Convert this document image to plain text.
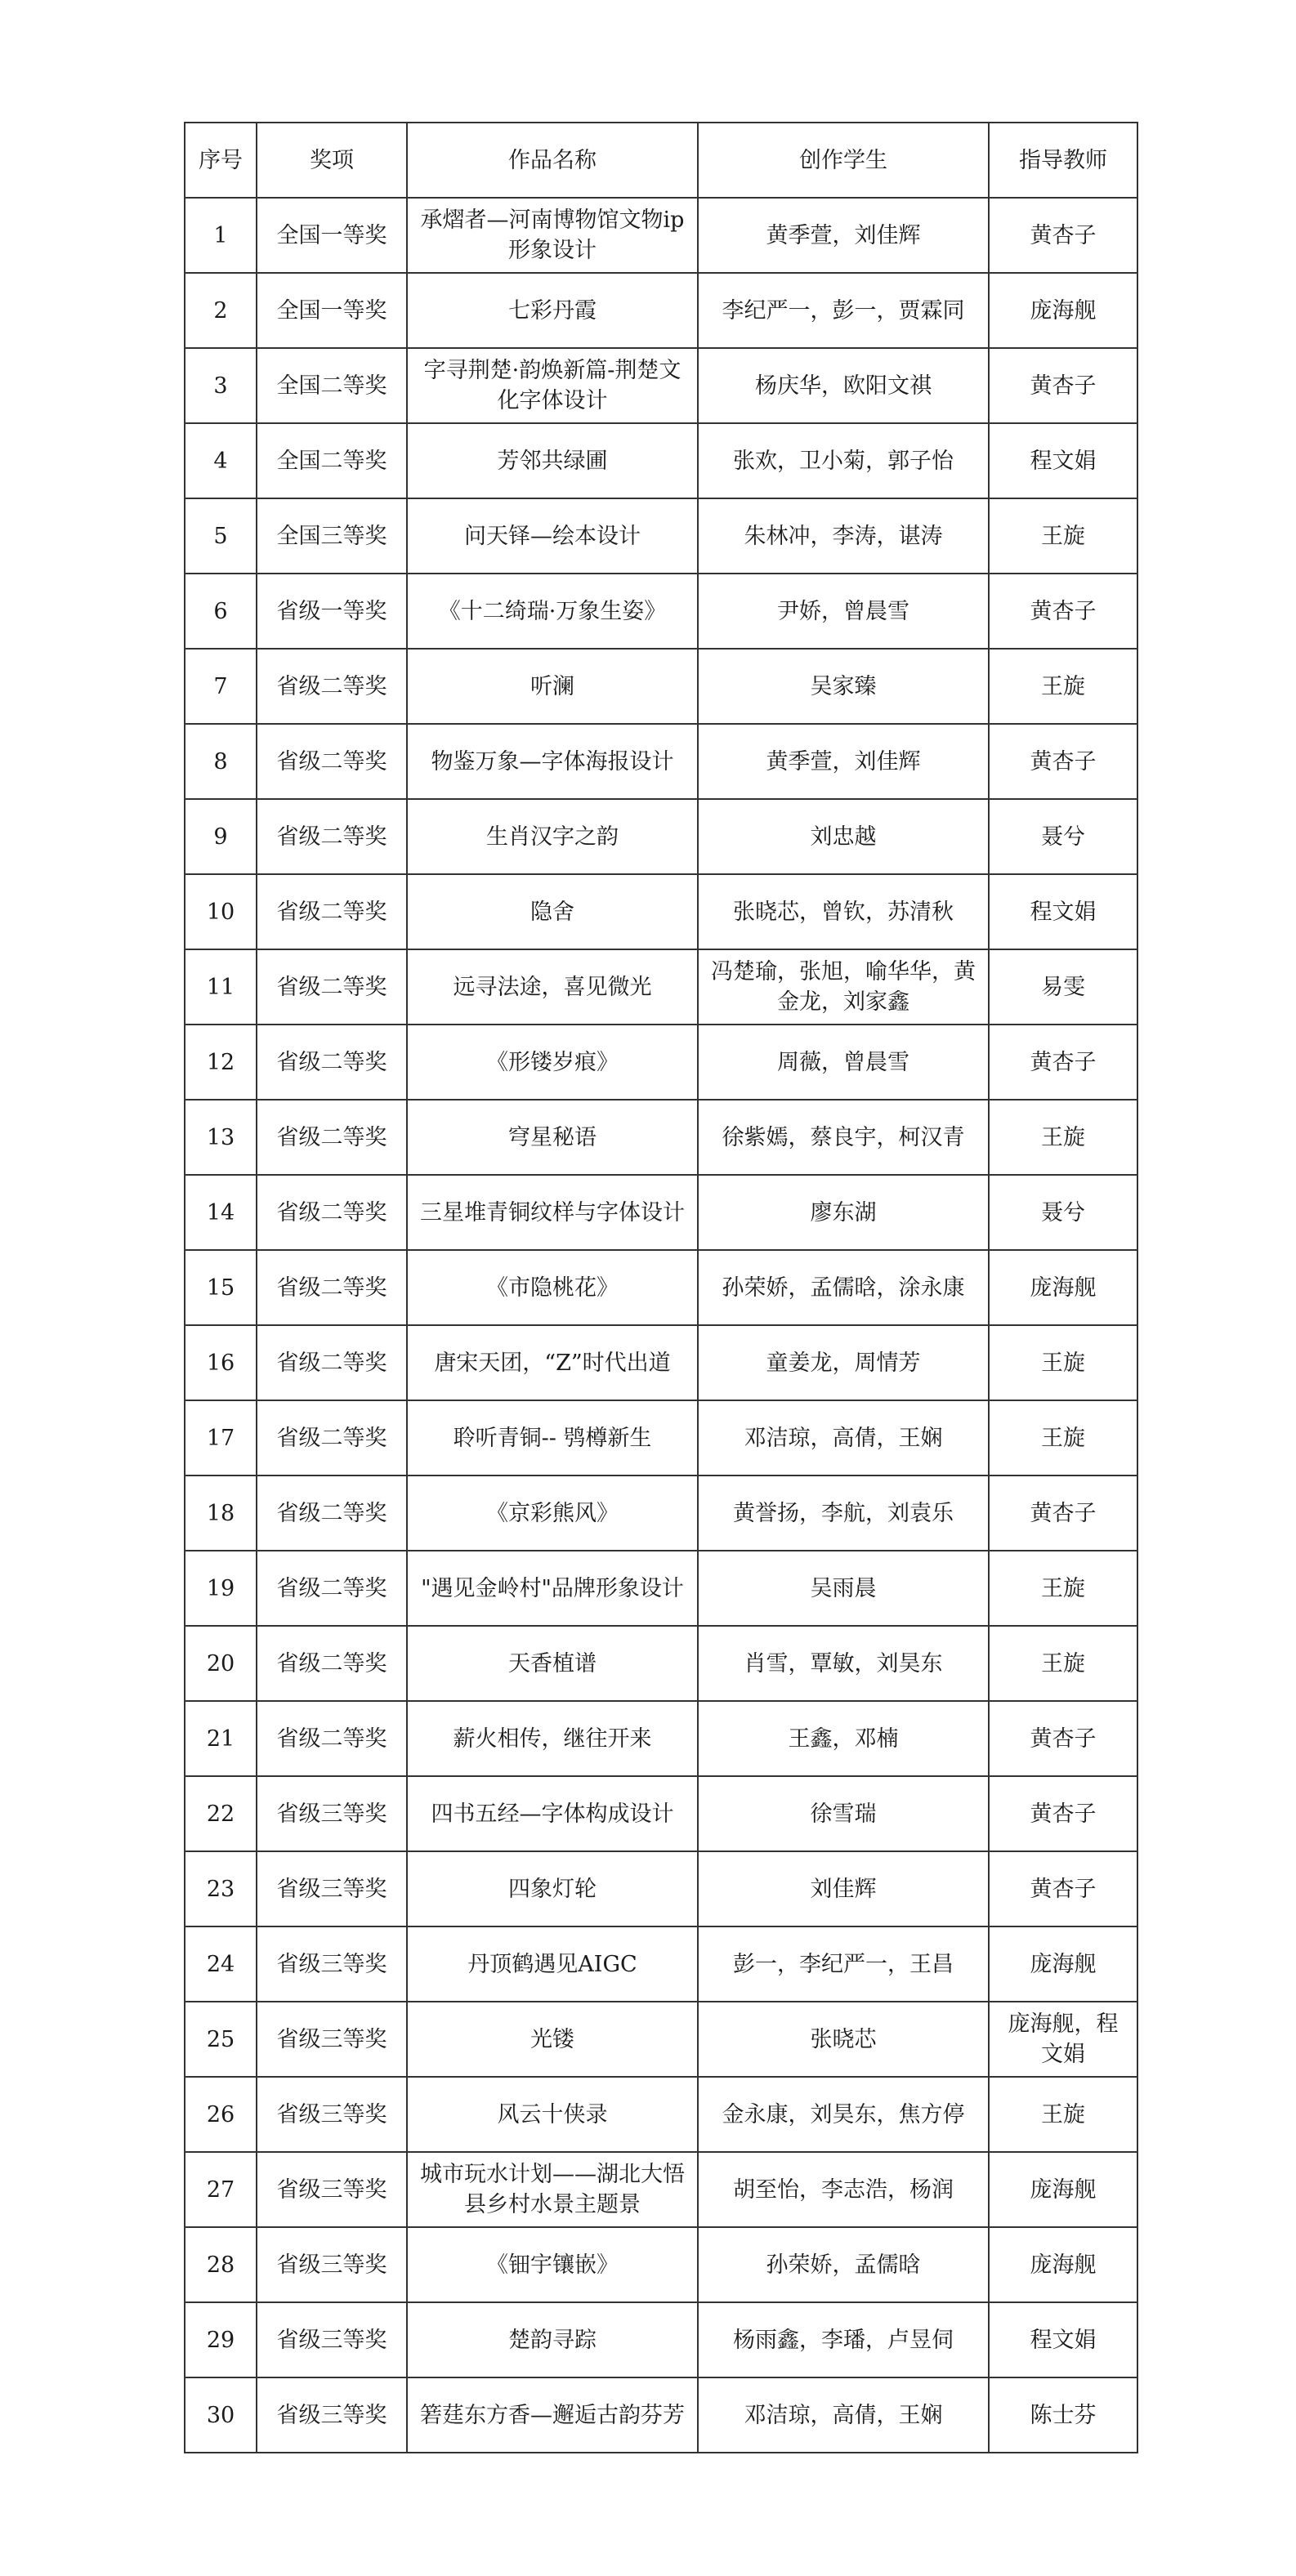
序号	奖项	作品名称	创作学生	指导教师
1	全国一等奖	承熠者—河南博物馆文物ip形象设计	黄季萱，刘佳辉	黄杏子
2	全国一等奖	七彩丹霞	李纪严一，彭一，贾霖同	庞海舰
3	全国二等奖	字寻荆楚·韵焕新篇-荆楚文化字体设计	杨庆华，欧阳文祺	黄杏子
4	全国二等奖	芳邻共绿圃	张欢，卫小菊，郭子怡	程文娟
5	全国三等奖	问天铎—绘本设计	朱林冲，李涛，谌涛	王旋
6	省级一等奖	《十二绮瑞·万象生姿》	尹娇，曾晨雪	黄杏子
7	省级二等奖	听澜	吴家臻	王旋
8	省级二等奖	物鉴万象—字体海报设计	黄季萱，刘佳辉	黄杏子
9	省级二等奖	生肖汉字之韵	刘忠越	聂兮
10	省级二等奖	隐舍	张晓芯，曾钦，苏清秋	程文娟
11	省级二等奖	远寻法途，喜见微光	冯楚瑜，张旭，喻华华，黄金龙，刘家鑫	易雯
12	省级二等奖	《形镂岁痕》	周薇，曾晨雪	黄杏子
13	省级二等奖	穹星秘语	徐紫嫣，蔡良宇，柯汉青	王旋
14	省级二等奖	三星堆青铜纹样与字体设计	廖东湖	聂兮
15	省级二等奖	《市隐桃花》	孙荣娇，孟儒晗，涂永康	庞海舰
16	省级二等奖	唐宋天团，“Z”时代出道	童姜龙，周情芳	王旋
17	省级二等奖	聆听青铜-- 鸮樽新生	邓洁琼，高倩，王娴	王旋
18	省级二等奖	《京彩熊风》	黄誉扬，李航，刘袁乐	黄杏子
19	省级二等奖	"遇见金岭村"品牌形象设计	吴雨晨	王旋
20	省级二等奖	天香植谱	肖雪，覃敏，刘昊东	王旋
21	省级二等奖	薪火相传，继往开来	王鑫，邓楠	黄杏子
22	省级三等奖	四书五经—字体构成设计	徐雪瑞	黄杏子
23	省级三等奖	四象灯轮	刘佳辉	黄杏子
24	省级三等奖	丹顶鹤遇见AIGC	彭一，李纪严一，王昌	庞海舰
25	省级三等奖	光镂	张晓芯	庞海舰，程文娟
26	省级三等奖	风云十侠录	金永康，刘昊东，焦方停	王旋
27	省级三等奖	城市玩水计划——湖北大悟县乡村水景主题景	胡至怡，李志浩，杨润	庞海舰
28	省级三等奖	《钿宇镶嵌》	孙荣娇，孟儒晗	庞海舰
29	省级三等奖	楚韵寻踪	杨雨鑫，李璠，卢昱伺	程文娟
30	省级三等奖	箬莛东方香—邂逅古韵芬芳	邓洁琼，高倩，王娴	陈士芬
